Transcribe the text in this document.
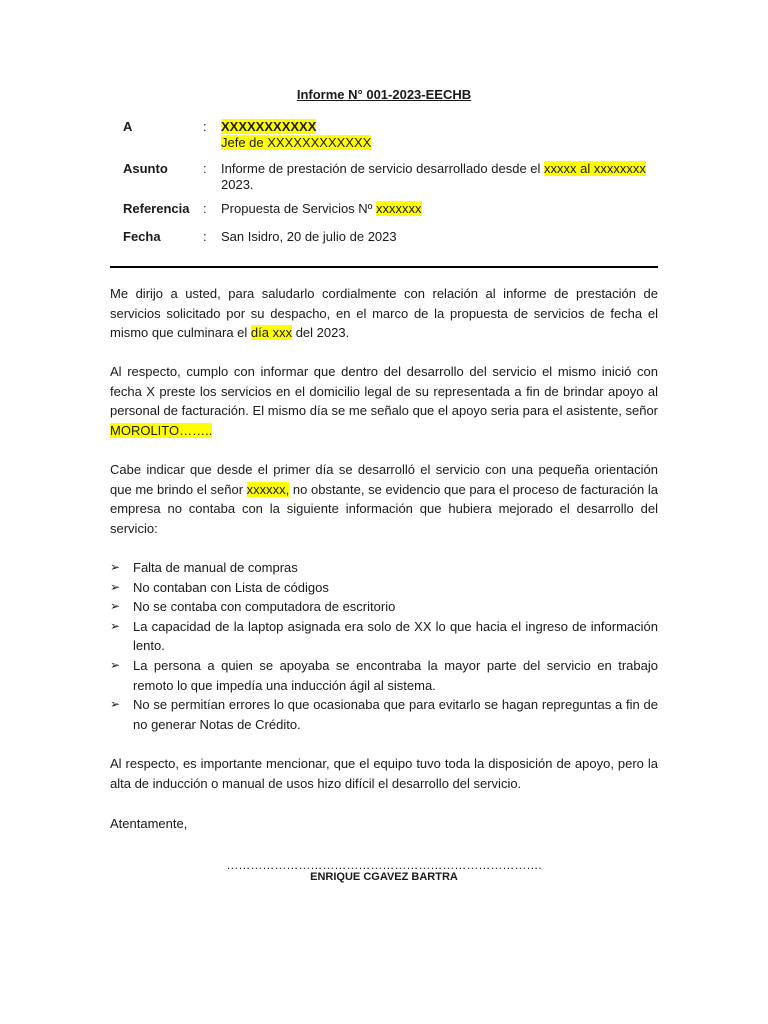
Informe N° 001-2023-EECHB
A	: XXXXXXXXXXX
Jefe de XXXXXXXXXXXX
Asunto	: Informe de prestación de servicio desarrollado desde el xxxxx al xxxxxxxx 2023.
Referencia	: Propuesta de Servicios Nº xxxxxxx
Fecha	: San Isidro, 20 de julio de 2023
Me dirijo a usted, para saludarlo cordialmente con relación al informe de prestación de servicios solicitado por su despacho, en el marco de la propuesta de servicios de fecha el mismo que culminara el día xxx del 2023.
Al respecto, cumplo con informar que dentro del desarrollo del servicio el mismo inició con fecha X preste los servicios en el domicilio legal de su representada a fin de brindar apoyo al personal de facturación. El mismo día se me señalo que el apoyo seria para el asistente, señor MOROLITO……..
Cabe indicar que desde el primer día se desarrolló el servicio con una pequeña orientación que me brindo el señor xxxxxx, no obstante, se evidencio que para el proceso de facturación la empresa no contaba con la siguiente información que hubiera mejorado el desarrollo del servicio:
➢ Falta de manual de compras
➢ No contaban con Lista de códigos
➢ No se contaba con computadora de escritorio
➢ La capacidad de la laptop asignada era solo de XX lo que hacia el ingreso de información lento.
➢ La persona a quien se apoyaba se encontraba la mayor parte del servicio en trabajo remoto lo que impedía una inducción ágil al sistema.
➢ No se permitían errores lo que ocasionaba que para evitarlo se hagan repreguntas a fin de no generar Notas de Crédito.
Al respecto, es importante mencionar, que el equipo tuvo toda la disposición de apoyo, pero la alta de inducción o manual de usos hizo difícil el desarrollo del servicio.
Atentamente,
…………………………………………………………………….
ENRIQUE CGAVEZ BARTRA
